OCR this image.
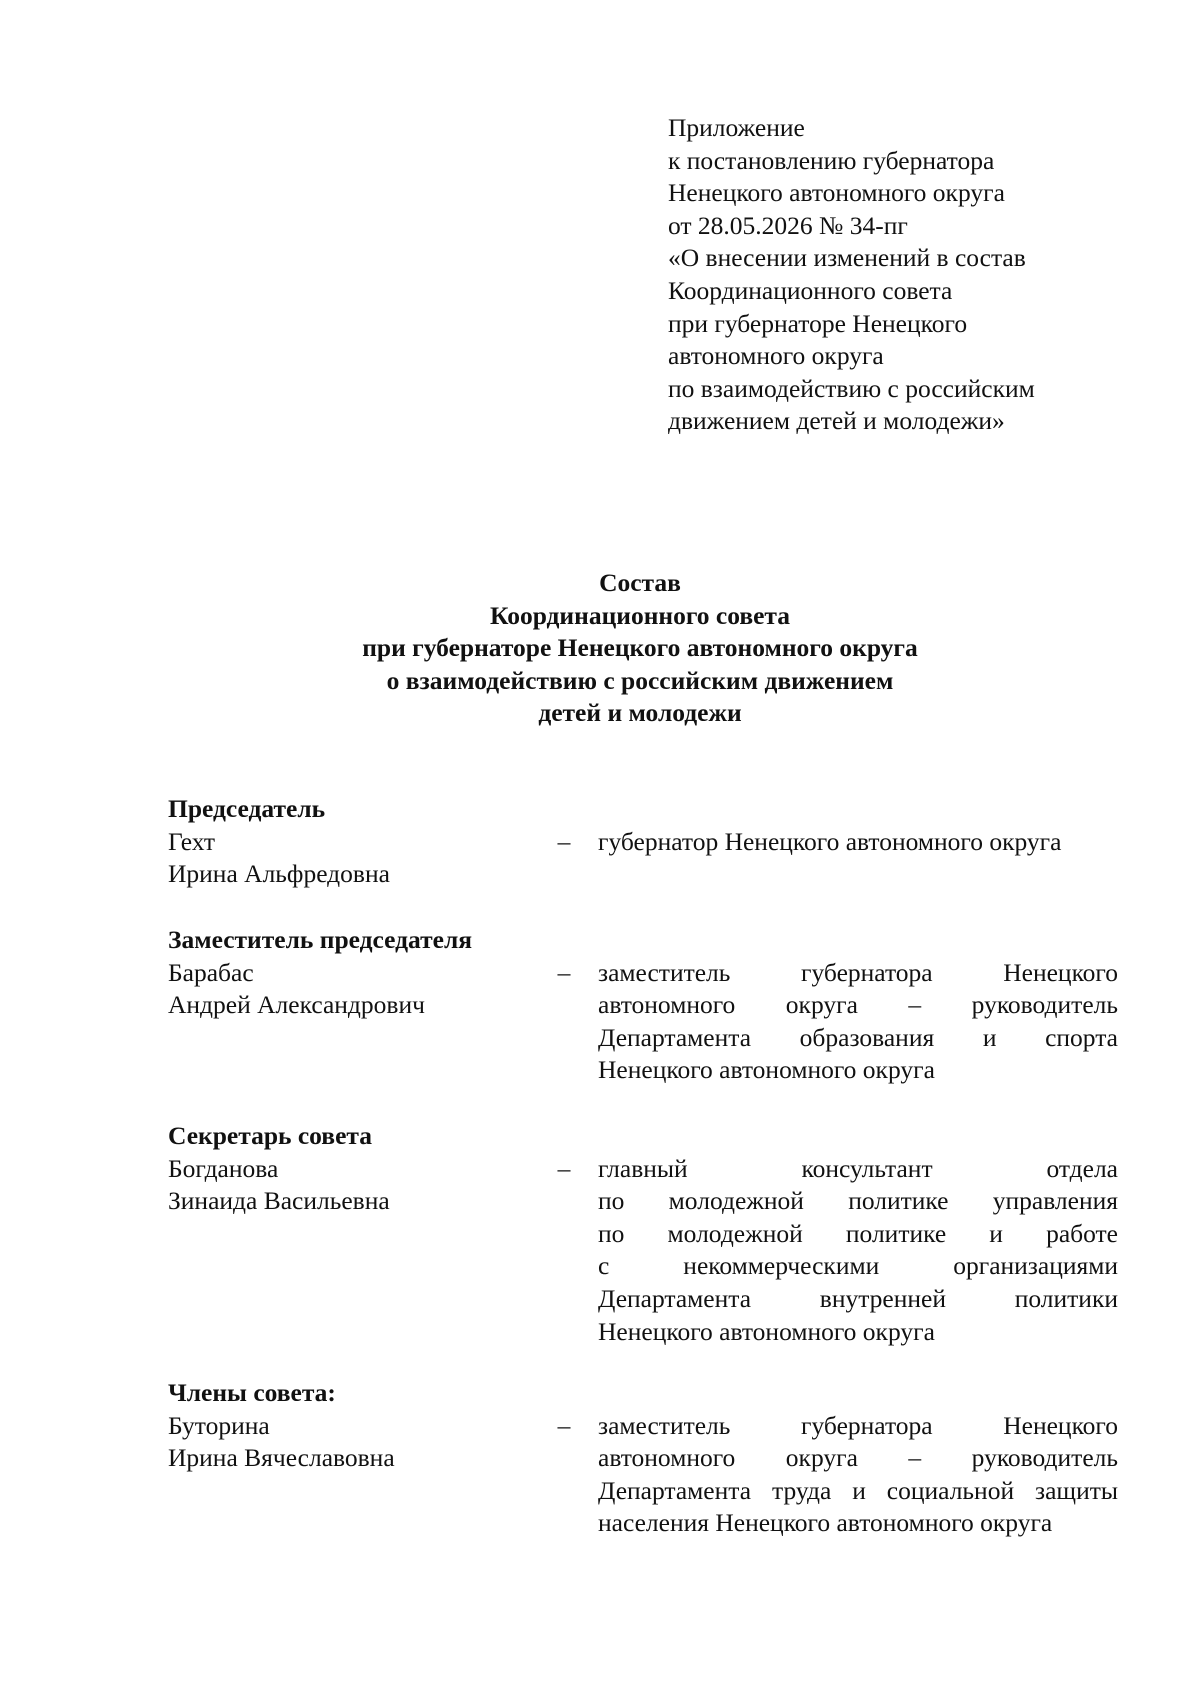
Приложение
к постановлению губернатора
Ненецкого автономного округа
от 28.05.2026 № 34-пг
«О внесении изменений в состав
Координационного совета
при губернаторе Ненецкого
автономного округа
по взаимодействию с российским
движением детей и молодежи»
Состав
Координационного совета
при губернаторе Ненецкого автономного округа
о взаимодействию с российским движением
детей и молодежи
Председатель
Гехт
Ирина Альфредовна
– губернатор Ненецкого автономного округа
Заместитель председателя
Барабас
Андрей Александрович
– заместитель губернатора Ненецкого
автономного округа – руководитель
Департамента образования и спорта
Ненецкого автономного округа
Секретарь совета
Богданова
Зинаида Васильевна
– главный консультант отдела
по молодежной политике управления
по молодежной политике и работе
с некоммерческими организациями
Департамента внутренней политики
Ненецкого автономного округа
Члены совета:
Буторина
Ирина Вячеславовна
– заместитель губернатора Ненецкого
автономного округа – руководитель
Департамента труда и социальной защиты
населения Ненецкого автономного округа
